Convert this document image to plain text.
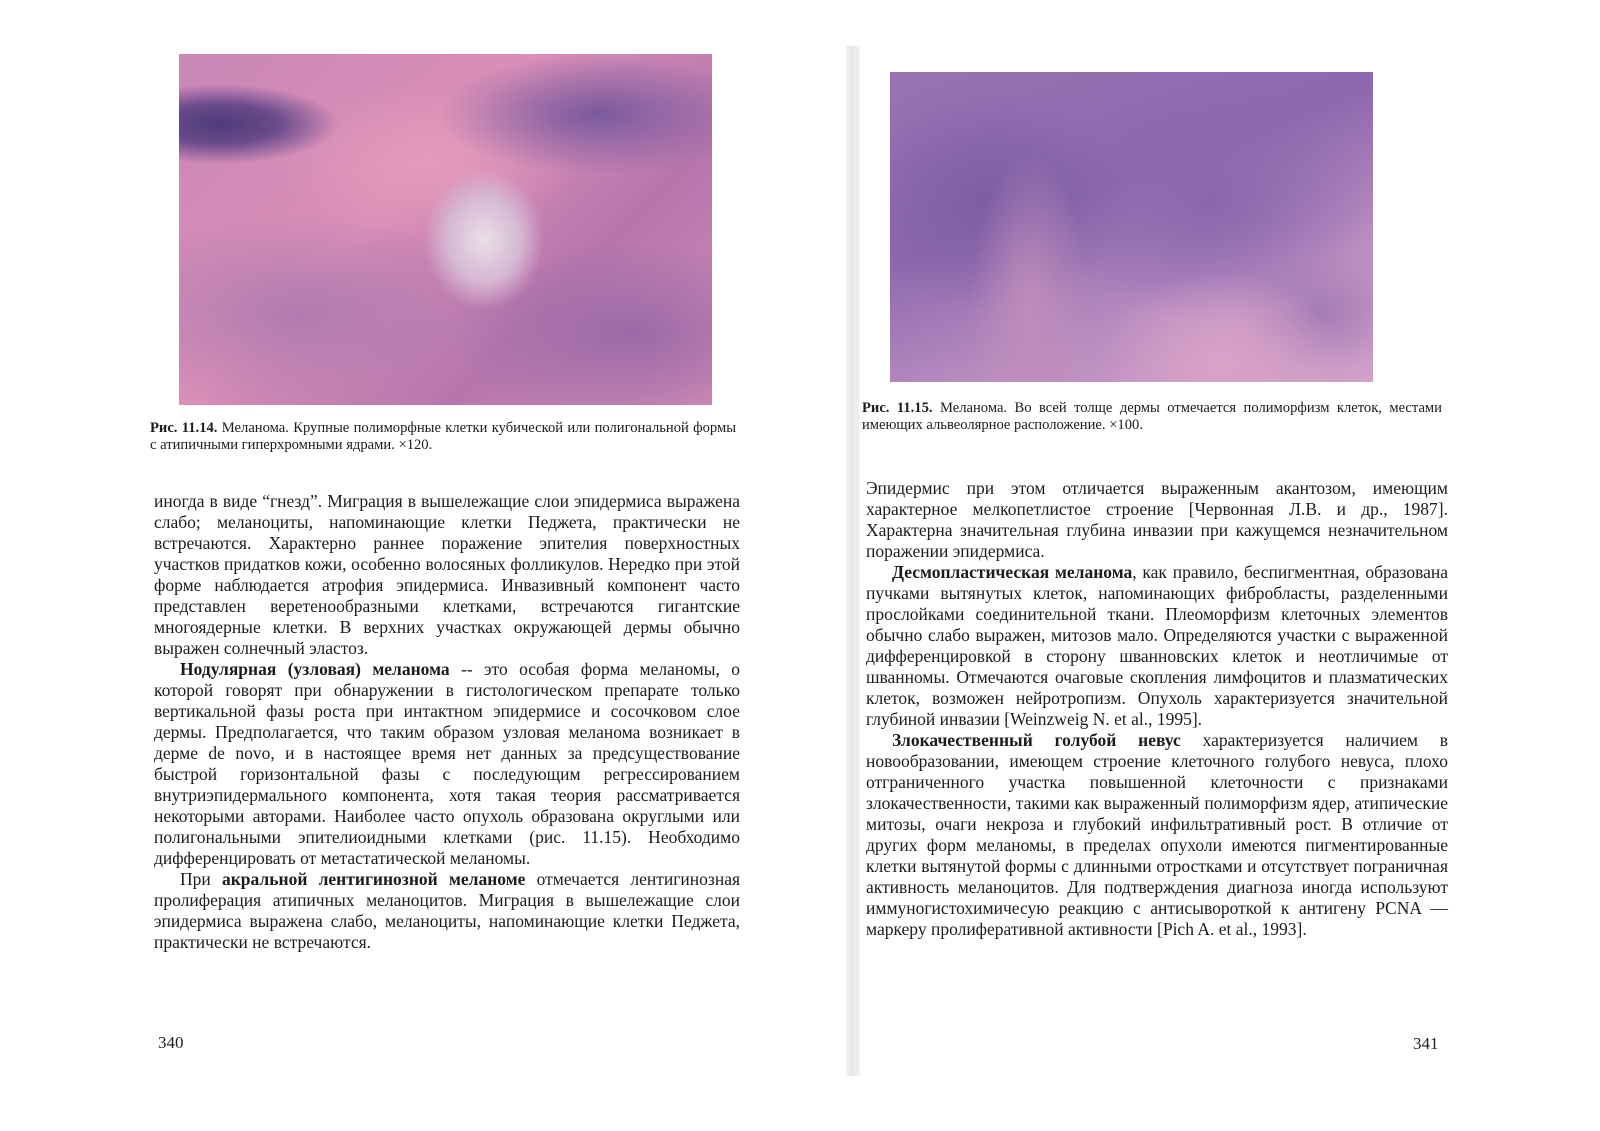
Рис. 11.14. Меланома. Крупные полиморфные клетки кубической или полигональной формы с атипичными гиперхромными ядрами. ×120.

иногда в виде “гнезд”. Миграция в вышележащие слои эпидермиса выражена слабо; меланоциты, напоминающие клетки Педжета, практически не встречаются. Характерно раннее поражение эпителия поверхностных участков придатков кожи, особенно волосяных фолликулов. Нередко при этой форме наблюдается атрофия эпидермиса. Инвазивный компонент часто представлен веретенообразными клетками, встречаются гигантские многоядерные клетки. В верхних участках окружающей дермы обычно выражен солнечный эластоз.

Нодулярная (узловая) меланома -- это особая форма меланомы, о которой говорят при обнаружении в гистологическом препарате только вертикальной фазы роста при интактном эпидермисе и сосочковом слое дермы. Предполагается, что таким образом узловая меланома возникает в дерме de novo, и в настоящее время нет данных за предсуществование быстрой горизонтальной фазы с последующим регрессированием внутриэпидермального компонента, хотя такая теория рассматривается некоторыми авторами. Наиболее часто опухоль образована округлыми или полигональными эпителиоидными клетками (рис. 11.15). Необходимо дифференцировать от метастатической меланомы.

При акральной лентигинозной меланоме отмечается лентигинозная пролиферация атипичных меланоцитов. Миграция в вышележащие слои эпидермиса выражена слабо, меланоциты, напоминающие клетки Педжета, практически не встречаются.

340
Рис. 11.15. Меланома. Во всей толще дермы отмечается полиморфизм клеток, местами имеющих альвеолярное расположение. ×100.

Эпидермис при этом отличается выраженным акантозом, имеющим характерное мелкопетлистое строение [Червонная Л.В. и др., 1987]. Характерна значительная глубина инвазии при кажущемся незначительном поражении эпидермиса.

Десмопластическая меланома, как правило, беспигментная, образована пучками вытянутых клеток, напоминающих фибробласты, разделенными прослойками соединительной ткани. Плеоморфизм клеточных элементов обычно слабо выражен, митозов мало. Определяются участки с выраженной дифференцировкой в сторону шванновских клеток и неотличимые от шванномы. Отмечаются очаговые скопления лимфоцитов и плазматических клеток, возможен нейротропизм. Опухоль характеризуется значительной глубиной инвазии [Weinzweig N. et al., 1995].

Злокачественный голубой невус характеризуется наличием в новообразовании, имеющем строение клеточного голубого невуса, плохо отграниченного участка повышенной клеточности с признаками злокачественности, такими как выраженный полиморфизм ядер, атипические митозы, очаги некроза и глубокий инфильтративный рост. В отличие от других форм меланомы, в пределах опухоли имеются пигментированные клетки вытянутой формы с длинными отростками и отсутствует пограничная активность меланоцитов. Для подтверждения диагноза иногда используют иммуногистохимичесую реакцию с антисывороткой к антигену PCNA — маркеру пролиферативной активности [Pich A. et al., 1993].

341
